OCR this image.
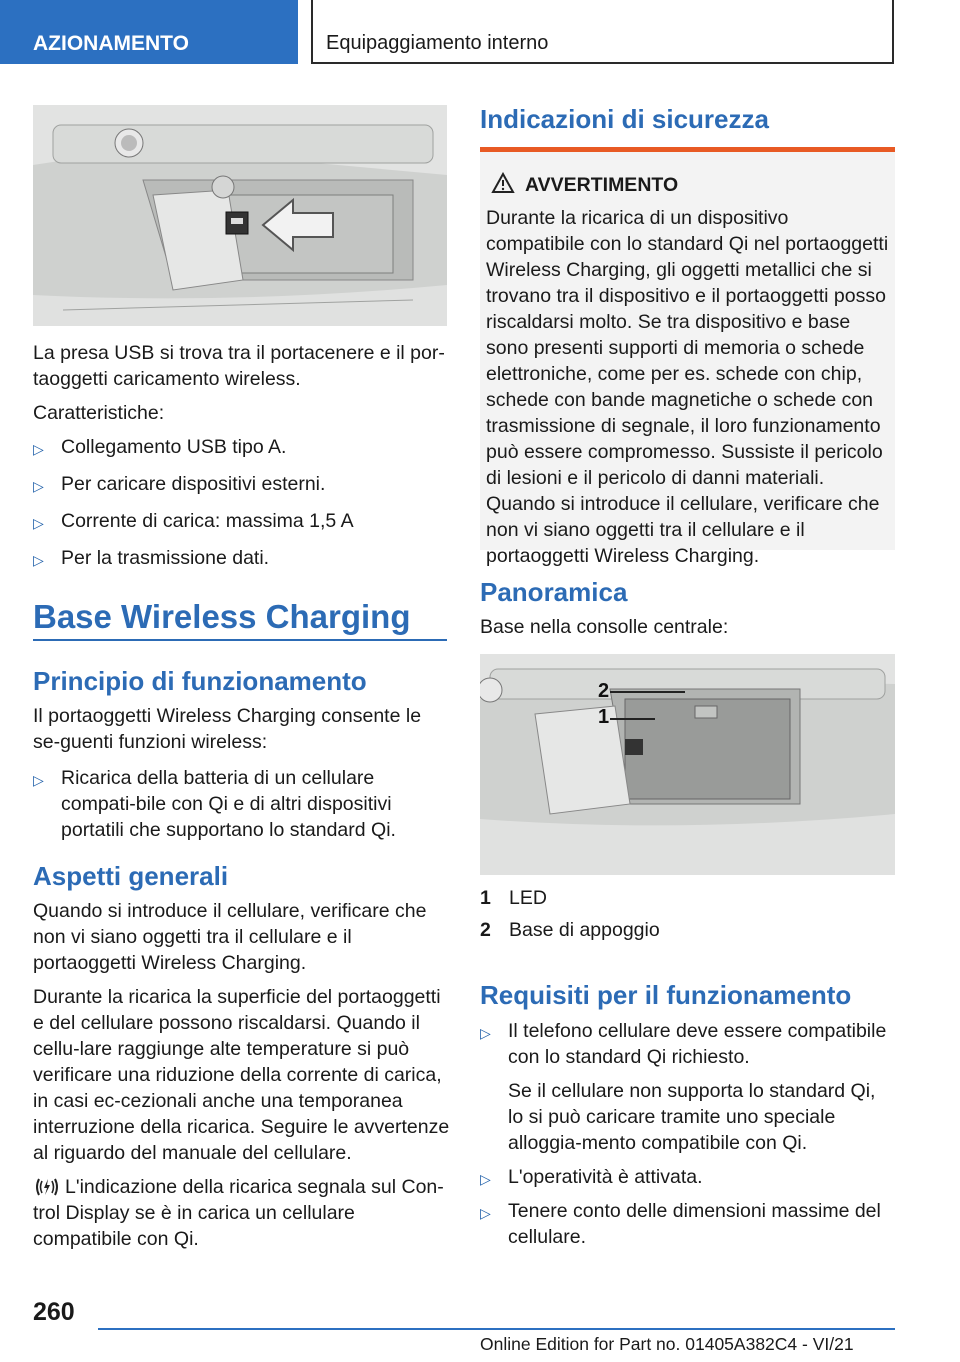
AZIONAMENTO	Equipaggiamento interno

La presa USB si trova tra il portacenere e il por-taoggetti caricamento wireless.

Caratteristiche:

▷ Collegamento USB tipo A.
▷ Per caricare dispositivi esterni.
▷ Corrente di carica: massima 1,5 A
▷ Per la trasmissione dati.
Base Wireless Charging
Principio di funzionamento

Il portaoggetti Wireless Charging consente le se-guenti funzioni wireless:

▷ Ricarica della batteria di un cellulare compati-bile con Qi e di altri dispositivi portatili che supportano lo standard Qi.
Aspetti generali

Quando si introduce il cellulare, verificare che non vi siano oggetti tra il cellulare e il portaoggetti Wireless Charging.

Durante la ricarica la superficie del portaoggetti e del cellulare possono riscaldarsi. Quando il cellu-lare raggiunge alte temperature si può verificare una riduzione della corrente di carica, in casi ec-cezionali anche una temporanea interruzione della ricarica. Seguire le avvertenze al riguardo del manuale del cellulare.

L'indicazione della ricarica segnala sul Con-trol Display se è in carica un cellulare compatibile con Qi.

Indicazioni di sicurezza
AVVERTIMENTO

Durante la ricarica di un dispositivo compatibile con lo standard Qi nel portaoggetti Wireless Charging, gli oggetti metallici che si trovano tra il dispositivo e il portaoggetti posso riscaldarsi molto. Se tra dispositivo e base sono presenti supporti di memoria o schede elettroniche, come per es. schede con chip, schede con bande magnetiche o schede con trasmissione di segnale, il loro funzionamento può essere compromesso. Sussiste il pericolo di lesioni e il pericolo di danni materiali. Quando si introduce il cellulare, verificare che non vi siano oggetti tra il cellulare e il portaoggetti Wireless Charging.

Panoramica

Base nella consolle centrale:

2
1
1 LED
2 Base di appoggio
Requisiti per il funzionamento
▷ Il telefono cellulare deve essere compatibile con lo standard Qi richiesto.

Se il cellulare non supporta lo standard Qi, lo si può caricare tramite uno speciale alloggia-mento compatibile con Qi.

▷ L'operatività è attivata.
▷ Tenere conto delle dimensioni massime del cellulare.
260
Online Edition for Part no. 01405A382C4 - VI/21
